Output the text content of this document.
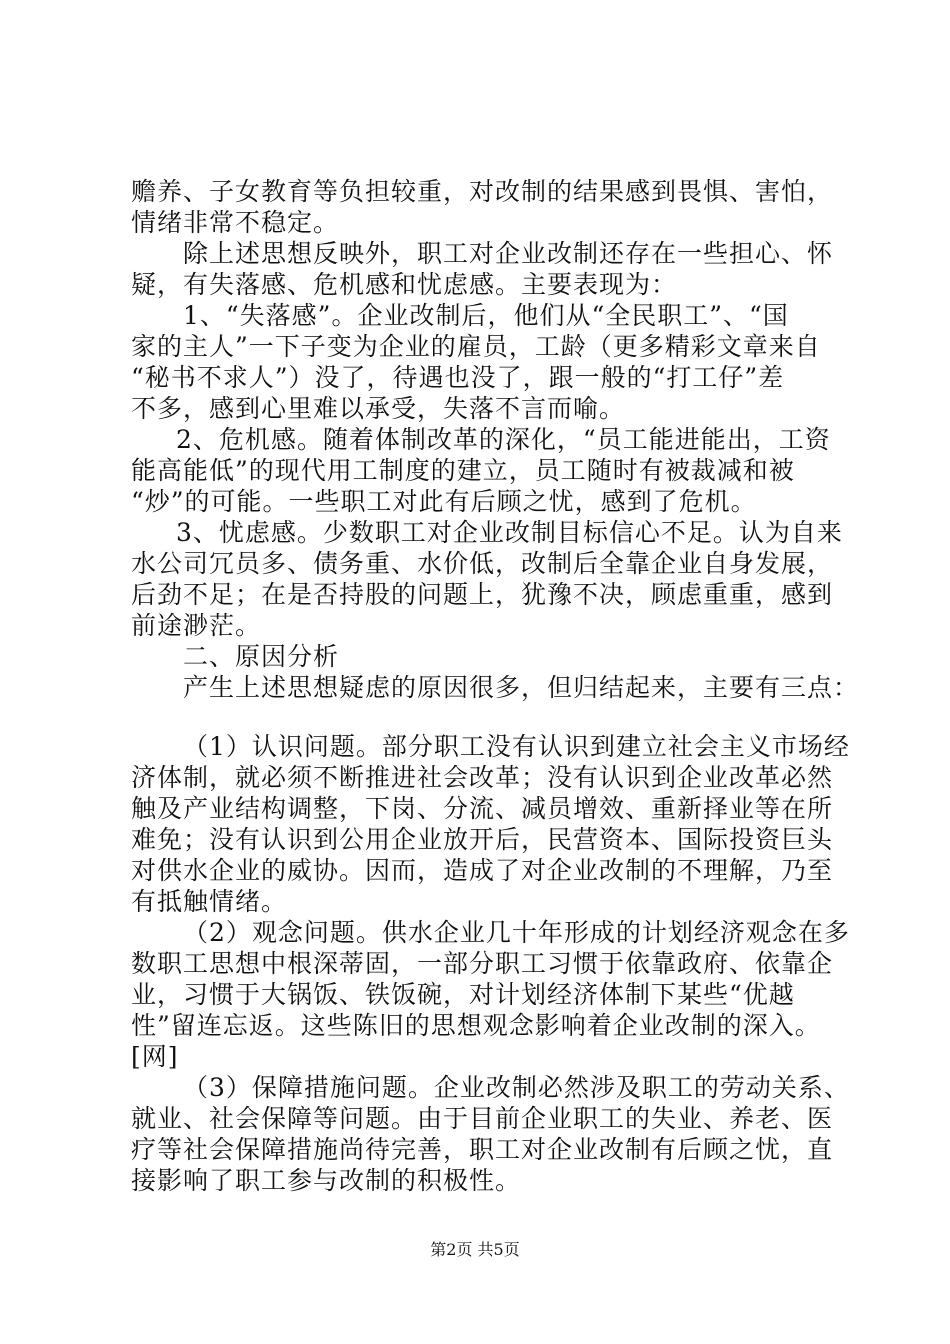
赡养、子女教育等负担较重，对改制的结果感到畏惧、害怕，
情绪非常不稳定。
除上述思想反映外，职工对企业改制还存在一些担心、怀
疑，有失落感、危机感和忧虑感。主要表现为：
1、“失落感”。企业改制后，他们从“全民职工”、“国
家的主人”一下子变为企业的雇员，工龄（更多精彩文章来自
“秘书不求人”）没了，待遇也没了，跟一般的“打工仔”差
不多，感到心里难以承受，失落不言而喻。
2、危机感。随着体制改革的深化，“员工能进能出，工资
能高能低”的现代用工制度的建立，员工随时有被裁减和被
“炒”的可能。一些职工对此有后顾之忧，感到了危机。
3、忧虑感。少数职工对企业改制目标信心不足。认为自来
水公司冗员多、债务重、水价低，改制后全靠企业自身发展，
后劲不足；在是否持股的问题上，犹豫不决，顾虑重重，感到
前途渺茫。
二、原因分析
产生上述思想疑虑的原因很多，但归结起来，主要有三点：
（1）认识问题。部分职工没有认识到建立社会主义市场经
济体制，就必须不断推进社会改革；没有认识到企业改革必然
触及产业结构调整，下岗、分流、减员增效、重新择业等在所
难免；没有认识到公用企业放开后，民营资本、国际投资巨头
对供水企业的威协。因而，造成了对企业改制的不理解，乃至
有抵触情绪。
（2）观念问题。供水企业几十年形成的计划经济观念在多
数职工思想中根深蒂固，一部分职工习惯于依靠政府、依靠企
业，习惯于大锅饭、铁饭碗，对计划经济体制下某些“优越
性”留连忘返。这些陈旧的思想观念影响着企业改制的深入。
[网]
（3）保障措施问题。企业改制必然涉及职工的劳动关系、
就业、社会保障等问题。由于目前企业职工的失业、养老、医
疗等社会保障措施尚待完善，职工对企业改制有后顾之忧，直
接影响了职工参与改制的积极性。
第2页 共5页
